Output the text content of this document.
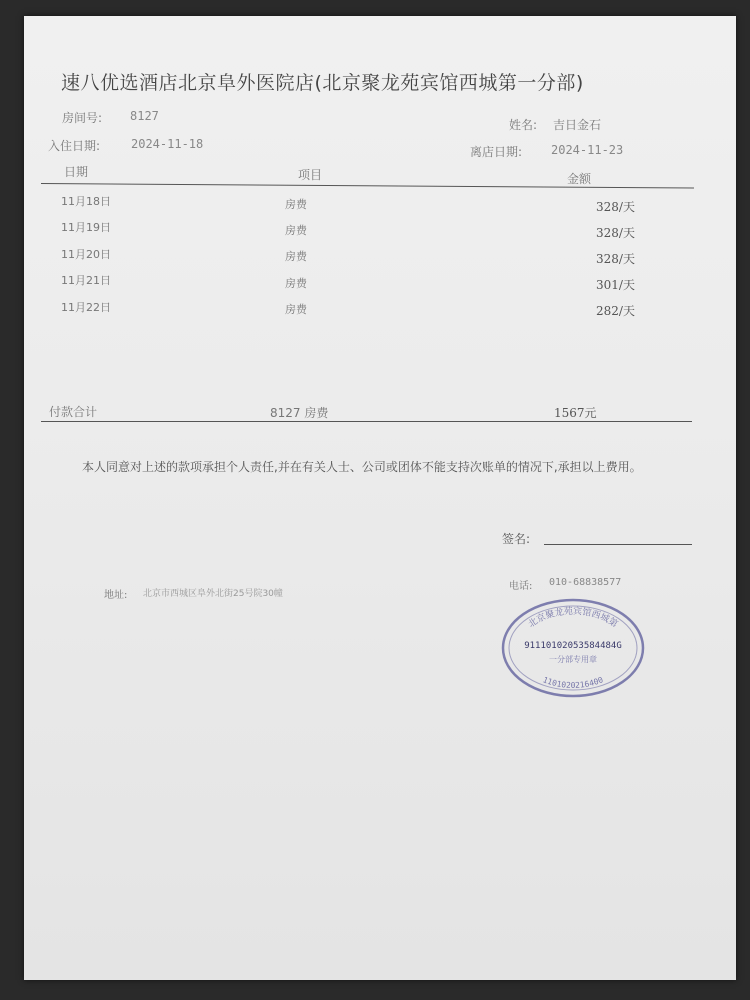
速八优选酒店北京阜外医院店(北京聚龙苑宾馆西城第一分部)
房间号: 8127
姓名: 吉日金石
入住日期:	2024-11-18
离店日期: 2024-11-23
日期	项目	金额
11月18日	房费	328/天
11月19日	房费	328/天
11月20日	房费	328/天
11月21日	房费	301/天
11月22日	房费	282/天
付款合计	8127 房费	1567元
本人同意对上述的款项承担个人责任,并在有关人士、公司或团体不能支持次账单的情况下,承担以上费用。
签名:
地址: 北京市西城区阜外北街25号院30幢
电话: 010-68838577
北京聚龙苑宾馆西城第
91110102053584484G
一分部专用章
1101020216400
